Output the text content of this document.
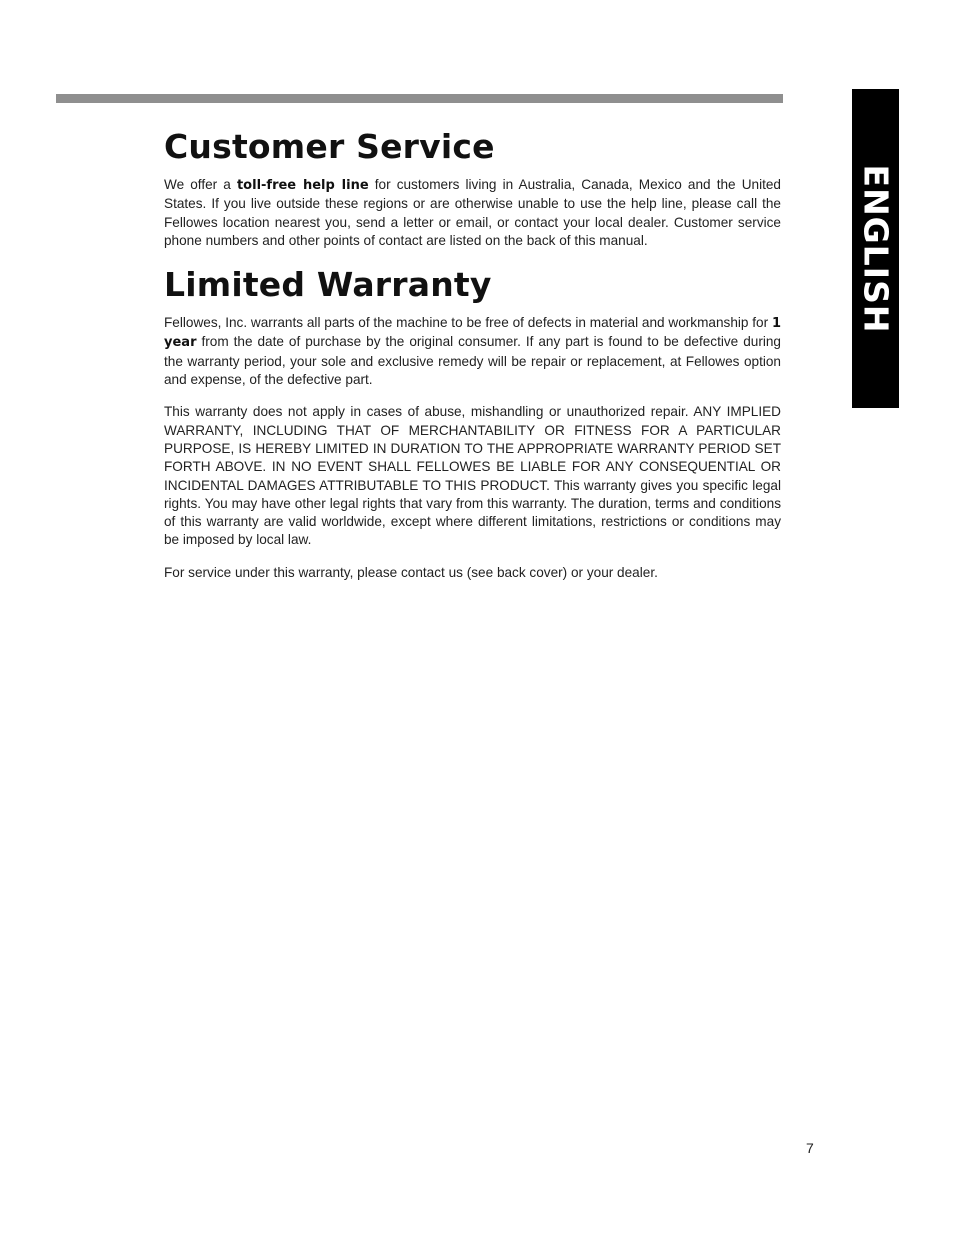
ENGLISH
Customer Service

We offer a toll-free help line for customers living in Australia, Canada, Mexico and the United States. If you live outside these regions or are otherwise unable to use the help line, please call the Fellowes location nearest you, send a letter or email, or contact your local dealer. Customer service phone numbers and other points of contact are listed on the back of this manual.

Limited Warranty

Fellowes, Inc. warrants all parts of the machine to be free of defects in material and workmanship for 1 year from the date of purchase by the original consumer. If any part is found to be defective during the warranty period, your sole and exclusive remedy will be repair or replacement, at Fellowes option and expense, of the defective part.

This warranty does not apply in cases of abuse, mishandling or unauthorized repair. ANY IMPLIED WARRANTY, INCLUDING THAT OF MERCHANTABILITY OR FITNESS FOR A PARTICULAR PURPOSE, IS HEREBY LIMITED IN DURATION TO THE APPROPRIATE WARRANTY PERIOD SET FORTH ABOVE. IN NO EVENT SHALL FELLOWES BE LIABLE FOR ANY CONSEQUENTIAL OR INCIDENTAL DAMAGES ATTRIBUTABLE TO THIS PRODUCT. This warranty gives you specific legal rights. You may have other legal rights that vary from this warranty. The duration, terms and conditions of this warranty are valid worldwide, except where different limitations, restrictions or conditions may be imposed by local law.

For service under this warranty, please contact us (see back cover) or your dealer.

7
